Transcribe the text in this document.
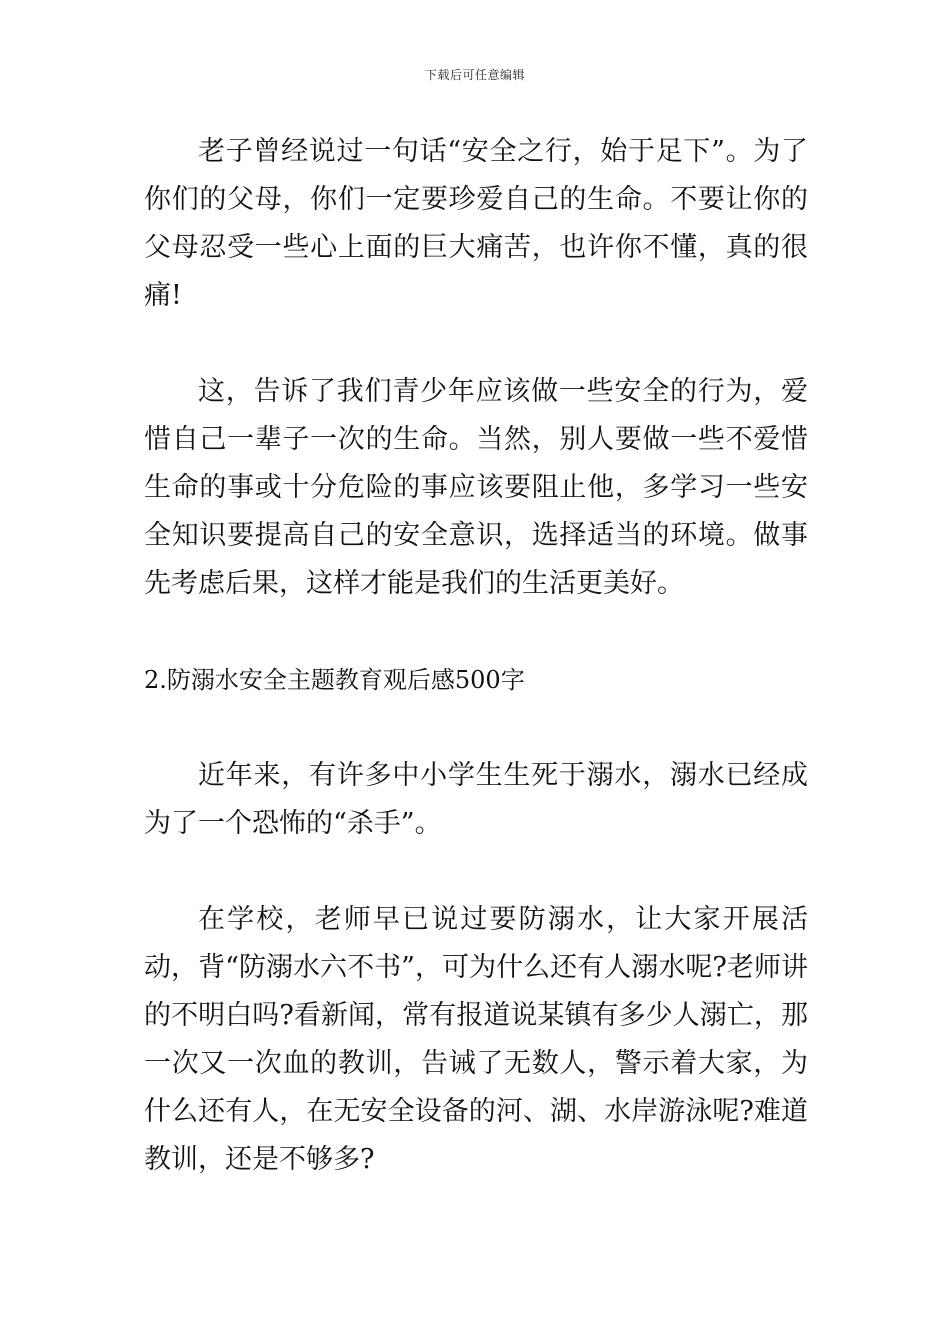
下载后可任意编辑

老子曾经说过一句话“安全之行，始于足下”。为了你们的父母，你们一定要珍爱自己的生命。不要让你的父母忍受一些心上面的巨大痛苦，也许你不懂，真的很痛!

这，告诉了我们青少年应该做一些安全的行为，爱惜自己一辈子一次的生命。当然，别人要做一些不爱惜生命的事或十分危险的事应该要阻止他，多学习一些安全知识要提高自己的安全意识，选择适当的环境。做事先考虑后果，这样才能是我们的生活更美好。

2.防溺水安全主题教育观后感500字

近年来，有许多中小学生生死于溺水，溺水已经成为了一个恐怖的“杀手”。

在学校，老师早已说过要防溺水，让大家开展活动，背“防溺水六不书”，可为什么还有人溺水呢?老师讲的不明白吗?看新闻，常有报道说某镇有多少人溺亡，那一次又一次血的教训，告诫了无数人，警示着大家，为什么还有人，在无安全设备的河、湖、水岸游泳呢?难道教训，还是不够多?
